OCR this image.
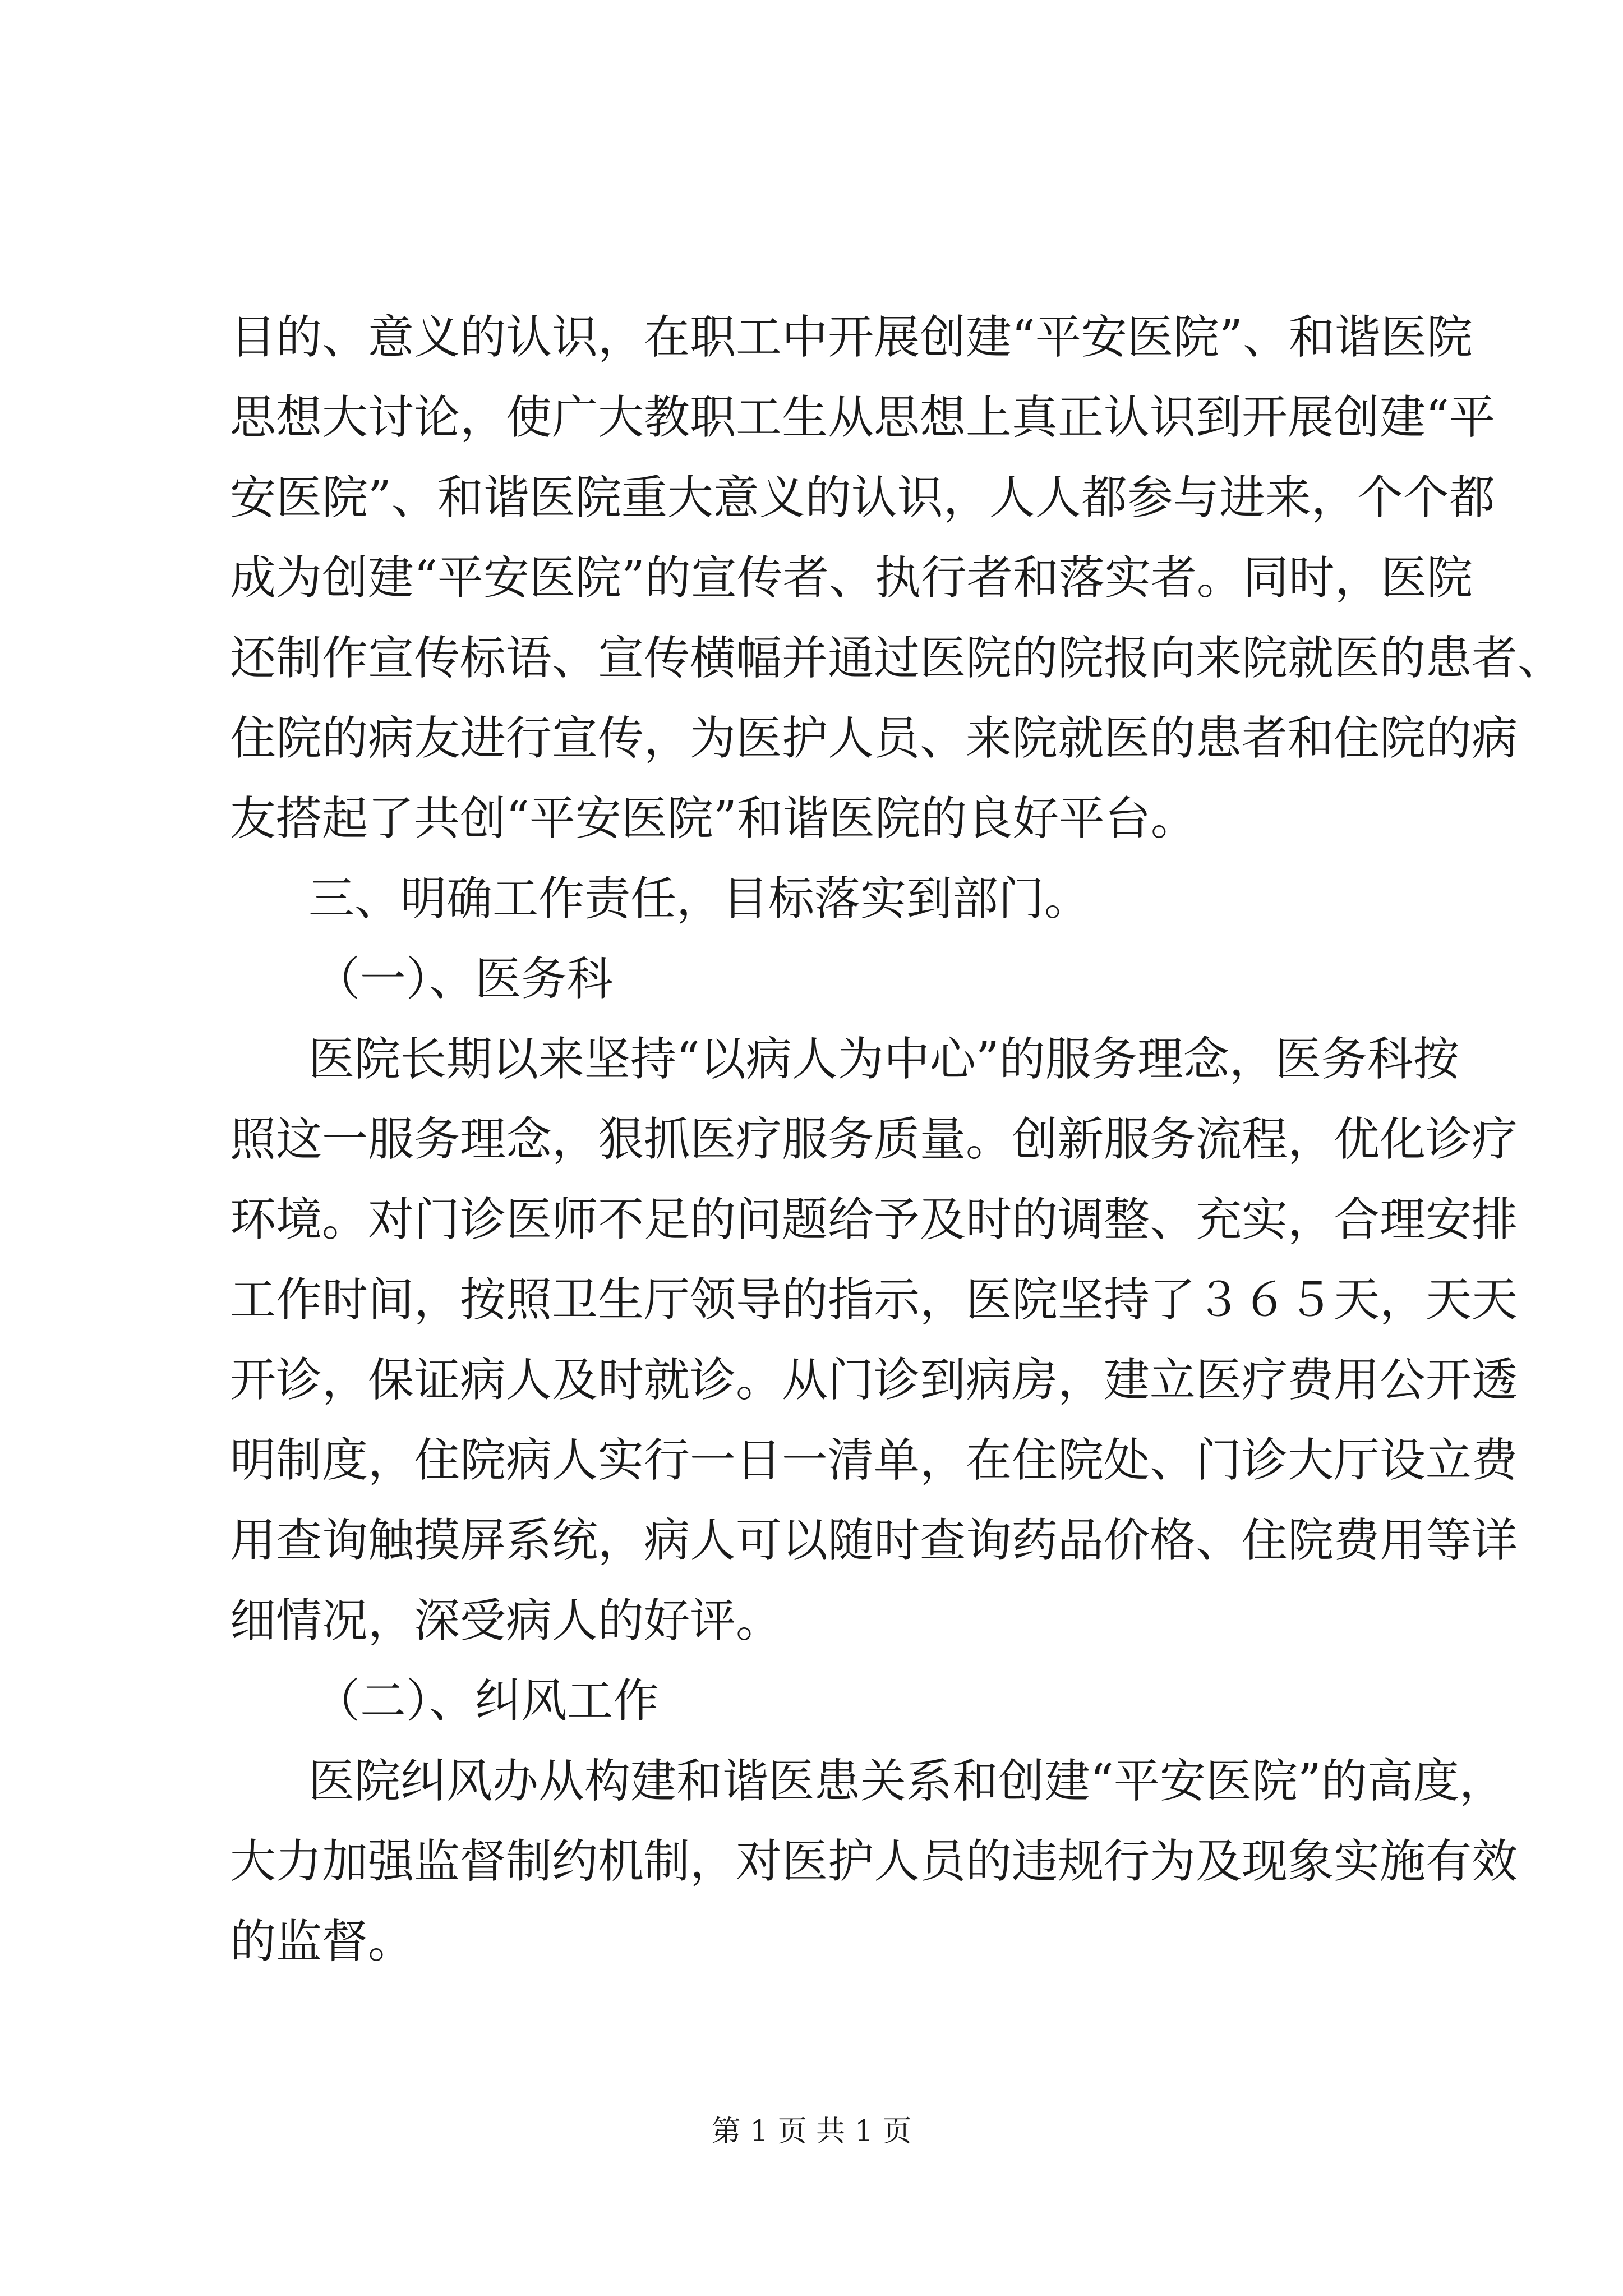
目的、意义的认识，在职工中开展创建“平安医院”、和谐医院
思想大讨论，使广大教职工生从思想上真正认识到开展创建“平
安医院”、和谐医院重大意义的认识，人人都参与进来，个个都
成为创建“平安医院”的宣传者、执行者和落实者。同时，医院
还制作宣传标语、宣传横幅并通过医院的院报向来院就医的患者、
住院的病友进行宣传，为医护人员、来院就医的患者和住院的病
友搭起了共创“平安医院”和谐医院的良好平台。
三、明确工作责任，目标落实到部门。
（一）、医务科
医院长期以来坚持“以病人为中心”的服务理念，医务科按
照这一服务理念，狠抓医疗服务质量。创新服务流程，优化诊疗
环境。对门诊医师不足的问题给予及时的调整、充实，合理安排
工作时间，按照卫生厅领导的指示，医院坚持了３６５天，天天
开诊，保证病人及时就诊。从门诊到病房，建立医疗费用公开透
明制度，住院病人实行一日一清单，在住院处、门诊大厅设立费
用查询触摸屏系统，病人可以随时查询药品价格、住院费用等详
细情况，深受病人的好评。
（二）、纠风工作
医院纠风办从构建和谐医患关系和创建“平安医院”的高度，
大力加强监督制约机制，对医护人员的违规行为及现象实施有效
的监督。
第 1 页 共 1 页
